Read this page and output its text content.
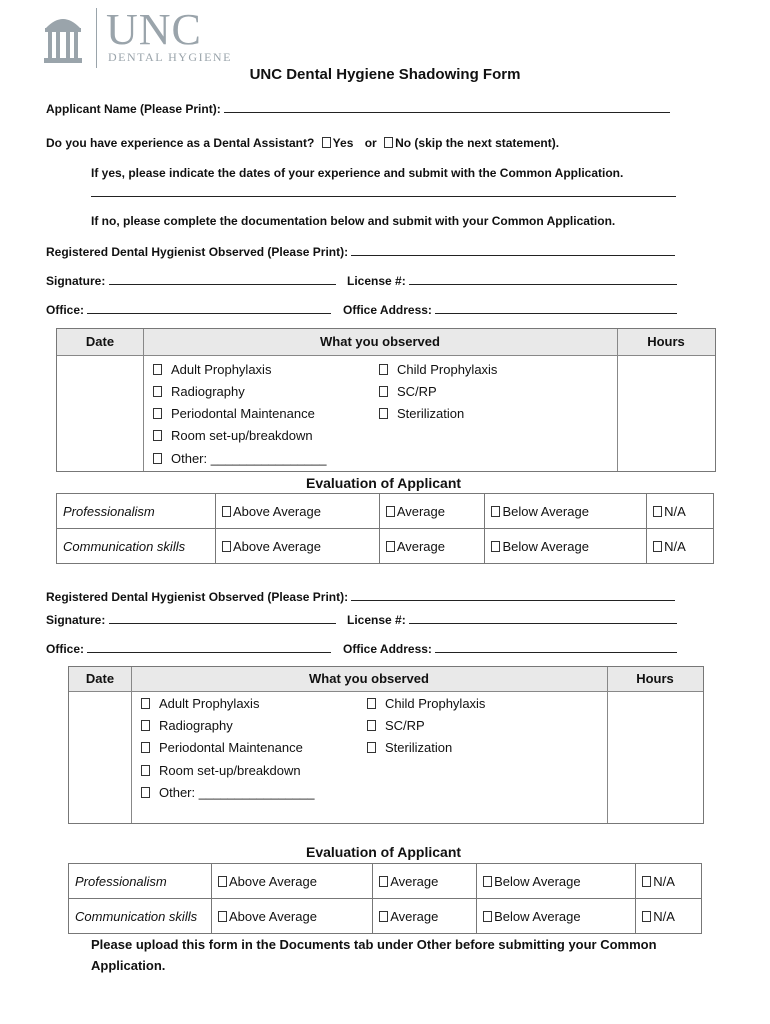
UNC
DENTAL HYGIENE
UNC Dental Hygiene Shadowing Form
Applicant Name (Please Print):
Do you have experience as a Dental Assistant? Yes or No (skip the next statement).
If yes, please indicate the dates of your experience and submit with the Common Application.
If no, please complete the documentation below and submit with your Common Application.
Registered Dental Hygienist Observed (Please Print):
Signature:	License #:
Office:	Office Address:
Date	What you observed	Hours
Adult Prophylaxis
Radiography
Periodontal Maintenance
Room set-up/breakdown
Other: ________________
Child Prophylaxis
SC/RP
Sterilization
Evaluation of Applicant
Professionalism	Above Average	Average	Below Average	N/A
Communication skills	Above Average	Average	Below Average	N/A
Registered Dental Hygienist Observed (Please Print):
Signature:	License #:
Office:	Office Address:
Date	What you observed	Hours
Adult Prophylaxis
Radiography
Periodontal Maintenance
Room set-up/breakdown
Other: ________________
Child Prophylaxis
SC/RP
Sterilization
Evaluation of Applicant
Professionalism	Above Average	Average	Below Average	N/A
Communication skills	Above Average	Average	Below Average	N/A
Please upload this form in the Documents tab under Other before submitting your Common Application.
